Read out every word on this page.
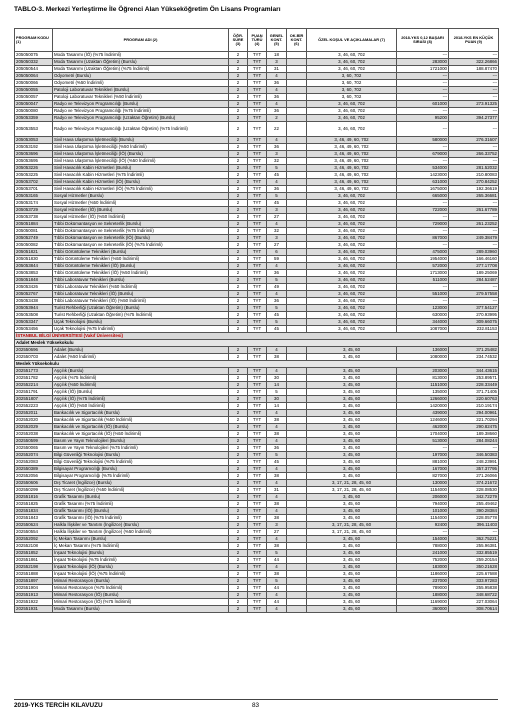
TABLO-3. Merkezi Yerleştirme İle Öğrenci Alan Yükseköğretim Ön Lisans Programları
PROGRAM KODU (1)	PROGRAM ADI (2)	ÖĞR. SÜRE (3)	PUAN TÜRÜ (4)	GENEL KONT. (5)	OK.BİR KONT. (6)	ÖZEL KOŞUL VE AÇIKLAMALAR (7)	2018-YKS 0,12 BAŞARI SIRASI (8)	2018-YKS EN KÜÇÜK PUAN (9)
205050075	Moda Tasarımı (İÖ) (%75 İndirimli)	2	TYT	18		3, 46, 60, 702	---	---
205050332	Moda Tasarımı (Uzaktan Öğretim) (Burslu)	2	TYT	3		3, 46, 60, 702	283000	322.26866
205050544	Moda Tasarımı (Uzaktan Öğretim) (%75 İndirimli)	2	TYT	31		3, 46, 60, 702	1721000	188.87470
205050064	Odyometri (Burslu)	2	TYT	4		3, 60, 702	---	---
205050066	Odyometri (%50 İndirimli)	2	TYT	36		3, 60, 702	---	---
205050055	Patoloji Laboratuvar Teknikleri (Burslu)	2	TYT	4		3, 60, 702	---	---
205050057	Patoloji Laboratuvar Teknikleri (%50 İndirimli)	2	TYT	36		3, 60, 702	---	---
205050047	Radyo ve Televizyon Programcılığı (Burslu)	2	TYT	4		3, 46, 60, 702	601000	273.91325
205050080	Radyo ve Televizyon Programcılığı (%75 İndirimli)	2	TYT	36		3, 46, 60, 702	---	---
205053359	Radyo ve Televizyon Programcılığı (Uzaktan Öğretim) (Burslu)	2	TYT	2		3, 46, 60, 702	95200	394.27377
205053553	Radyo ve Televizyon Programcılığı (Uzaktan Öğretim) (%75 İndirimli)	2	TYT	22		3, 46, 60, 702	---	---
205053053	Sivil Hava Ulaştırma İşletmeciliği (Burslu)	2	TYT	4		3, 46, 49, 60, 702	580000	276.31607
205053192	Sivil Hava Ulaştırma İşletmeciliği (%50 İndirimli)	2	TYT	36		3, 46, 49, 60, 702	---	---
205053696	Sivil Hava Ulaştırma İşletmeciliği (İÖ) (Burslu)	2	TYT	3		3, 46, 49, 60, 702	679000	266.33752
205053695	Sivil Hava Ulaştırma İşletmeciliği (İÖ) (%50 İndirimli)	2	TYT	32		3, 46, 49, 60, 702	---	---
205053226	Sivil Havacılık Kabin Hizmetleri (Burslu)	2	TYT	5		3, 46, 49, 60, 702	534000	281.52032
205053225	Sivil Havacılık Kabin Hizmetleri (%75 İndirimli)	2	TYT	45		3, 46, 49, 60, 702	1423000	210.80083
205053702	Sivil Havacılık Kabin Hizmetleri (İÖ) (Burslu)	2	TYT	4		3, 46, 49, 60, 702	631000	270.84252
205053701	Sivil Havacılık Kabin Hizmetleri (İÖ) (%75 İndirimli)	2	TYT	36		3, 46, 49, 60, 702	1675000	192.36619
205053165	Sosyal Hizmetler (Burslu)	2	TYT	5		3, 46, 60, 702	665000	265.36681
205053174	Sosyal Hizmetler (%50 İndirimli)	2	TYT	45		3, 46, 60, 702	---	---
205053729	Sosyal Hizmetler (İÖ) (Burslu)	2	TYT	3		3, 46, 60, 702	722000	261.67789
205053738	Sosyal Hizmetler (İÖ) (%50 İndirimli)	2	TYT	27		3, 46, 60, 702	---	---
205051884	Tıbbi Dokümantasyon ve Sekreterlik (Burslu)	2	TYT	4		3, 46, 60, 702	729000	261.23252
205050081	Tıbbi Dokümantasyon ve Sekreterlik (%75 İndirimli)	2	TYT	32		3, 46, 60, 702	---	---
205052749	Tıbbi Dokümantasyon ve Sekreterlik (İÖ) (Burslu)	2	TYT	3		3, 46, 60, 702	867000	249.38479
205050082	Tıbbi Dokümantasyon ve Sekreterlik (İÖ) (%75 İndirimli)	2	TYT	27		3, 46, 60, 702	---	---
205051821	Tıbbi Görüntüleme Teknikleri (Burslu)	2	TYT	6		3, 46, 60, 702	475000	289.03960
205051830	Tıbbi Görüntüleme Teknikleri (%50 İndirimli)	2	TYT	59		3, 46, 60, 702	1954000	166.46160
205053844	Tıbbi Görüntüleme Teknikleri (İÖ) (Burslu)	2	TYT	4		3, 46, 60, 702	572000	277.17708
205053853	Tıbbi Görüntüleme Teknikleri (İÖ) (%50 İndirimli)	2	TYT	36		3, 46, 60, 702	1713000	189.25069
205051848	Tıbbi Laboratuvar Teknikleri (Burslu)	2	TYT	5		3, 46, 60, 702	511000	284.52487
205053426	Tıbbi Laboratuvar Teknikleri (%50 İndirimli)	2	TYT	49		3, 46, 60, 702	---	---
205052767	Tıbbi Laboratuvar Teknikleri (İÖ) (Burslu)	2	TYT	4		3, 46, 60, 702	551000	279.57558
205053438	Tıbbi Laboratuvar Teknikleri (İÖ) (%50 İndirimli)	2	TYT	36		3, 46, 60, 702	---	---
205053944	Turist Rehberliği (Uzaktan Öğretim) (Burslu)	2	TYT	5		3, 46, 60, 702	123000	377.54127
205053508	Turist Rehberliği (Uzaktan Öğretim) (%75 İndirimli)	2	TYT	45		3, 46, 60, 702	630000	270.93995
205053347	Uçak Teknolojisi (Burslu)	2	TYT	5		3, 46, 60, 702	344000	309.66075
205053456	Uçak Teknolojisi (%75 İndirimli)	2	TYT	45		3, 46, 60, 702	1087000	232.81153
İSTANBUL BİLGİ ÜNİVERSİTESİ (Vakıf Üniversitesi)								
Adalet Meslek Yüksekokulu								
202550696	Adalet (Burslu)	2	TYT	4		3, 45, 60	136000	371.25482
202550703	Adalet (%50 İndirimli)	2	TYT	38		3, 45, 60	1080000	234.74532
Meslek Yüksekokulu								
202551773	Aşçılık (Burslu)	2	TYT	4		3, 45, 60	203000	344.43615
202551782	Aşçılık (%75 İndirimli)	2	TYT	30		3, 45, 60	813000	253.89571
202552214	Aşçılık (%50 İndirimli)	2	TYT	14		3, 45, 60	1151000	228.33449
202551791	Aşçılık (İÖ) (Burslu)	2	TYT	5		3, 45, 60	135000	371.71405
202551807	Aşçılık (İÖ) (%75 İndirimli)	2	TYT	30		3, 45, 60	1266000	220.60763
202552223	Aşçılık (İÖ) (%50 İndirimli)	2	TYT	14		3, 45, 60	1420000	210.19174
202552011	Bankacılık ve Sigortacılık (Burslu)	2	TYT	4		3, 45, 60	439000	294.00961
202552020	Bankacılık ve Sigortacılık (%50 İndirimli)	2	TYT	38		3, 45, 60	1246000	221.70294
202552029	Bankacılık ve Sigortacılık (İÖ) (Burslu)	2	TYT	4		3, 45, 60	462000	290.82475
202552038	Bankacılık ve Sigortacılık (İÖ) (%50 İndirimli)	2	TYT	38		3, 45, 60	1704000	189.38660
202550599	Basım ve Yayın Teknolojileri (Burslu)	2	TYT	4		3, 45, 60	513000	284.08244
202550065	Basım ve Yayın Teknolojileri (%75 İndirimli)	2	TYT	36		3, 45, 60	---	---
202552074	Bilgi Güvenliği Teknolojisi (Burslu)	2	TYT	5		3, 45, 60	197000	346.50383
202552083	Bilgi Güvenliği Teknolojisi (%75 İndirimli)	2	TYT	45		3, 45, 60	881000	248.23991
202550389	Bilgisayar Programcılığı (Burslu)	2	TYT	4		3, 45, 60	167000	357.37795
202552056	Bilgisayar Programcılığı (%75 İndirimli)	2	TYT	38		3, 45, 60	827000	271.26066
202550606	Dış Ticaret (İngilizce) (Burslu)	2	TYT	4		3, 17, 21, 28, 45, 60	130000	374.21672
202550299	Dış Ticaret (İngilizce) (%50 İndirimli)	2	TYT	31		3, 17, 21, 28, 45, 60	1154000	228.08530
202551816	Grafik Tasarımı (Burslu)	2	TYT	4		3, 45, 60	206000	342.72279
202551825	Grafik Tasarımı (%75 İndirimli)	2	TYT	38		3, 45, 60	794000	255.49462
202551834	Grafik Tasarımı (İÖ) (Burslu)	2	TYT	4		3, 45, 60	101000	390.28384
202551843	Grafik Tasarımı (İÖ) (%75 İndirimli)	2	TYT	38		3, 45, 60	1154000	228.05778
202550624	Halkla İlişkiler ve Tanıtım (İngilizce) (Burslu)	2	TYT	3		3, 17, 21, 28, 45, 60	92400	396.11403
202550554	Halkla İlişkiler ve Tanıtım (İngilizce) (%50 İndirimli)	2	TYT	27		3, 17, 21, 28, 45, 60	---	---
202552092	İç Mekan Tasarımı (Burslu)	2	TYT	4		3, 45, 60	154000	362.75221
202552108	İç Mekan Tasarımı (%75 İndirimli)	2	TYT	38		3, 45, 60	788000	255.96381
202551852	İnşaat Teknolojisi (Burslu)	2	TYT	5		3, 45, 60	241000	332.85519
202551861	İnşaat Teknolojisi (%75 İndirimli)	2	TYT	44		3, 45, 60	752000	259.20154
202552198	İnşaat Teknolojisi (İÖ) (Burslu)	2	TYT	4		3, 45, 60	183000	350.21628
202551888	İnşaat Teknolojisi (İÖ) (%75 İndirimli)	2	TYT	38		3, 45, 60	1186000	225.67688
202551897	Mimari Restorasyon (Burslu)	2	TYT	5		3, 45, 60	237000	333.97283
202551904	Mimari Restorasyon (%75 İndirimli)	2	TYT	44		3, 45, 60	789000	255.95838
202551913	Mimari Restorasyon (İÖ) (Burslu)	2	TYT	4		3, 45, 60	188000	348.68722
202551922	Mimari Restorasyon (İÖ) (%75 İndirimli)	2	TYT	44		3, 45, 60	1169000	227.03064
202551931	Moda Tasarımı (Burslu)	2	TYT	4		3, 45, 60	360000	308.70614
2019-YKS TERCİH KILAVUZU	83
